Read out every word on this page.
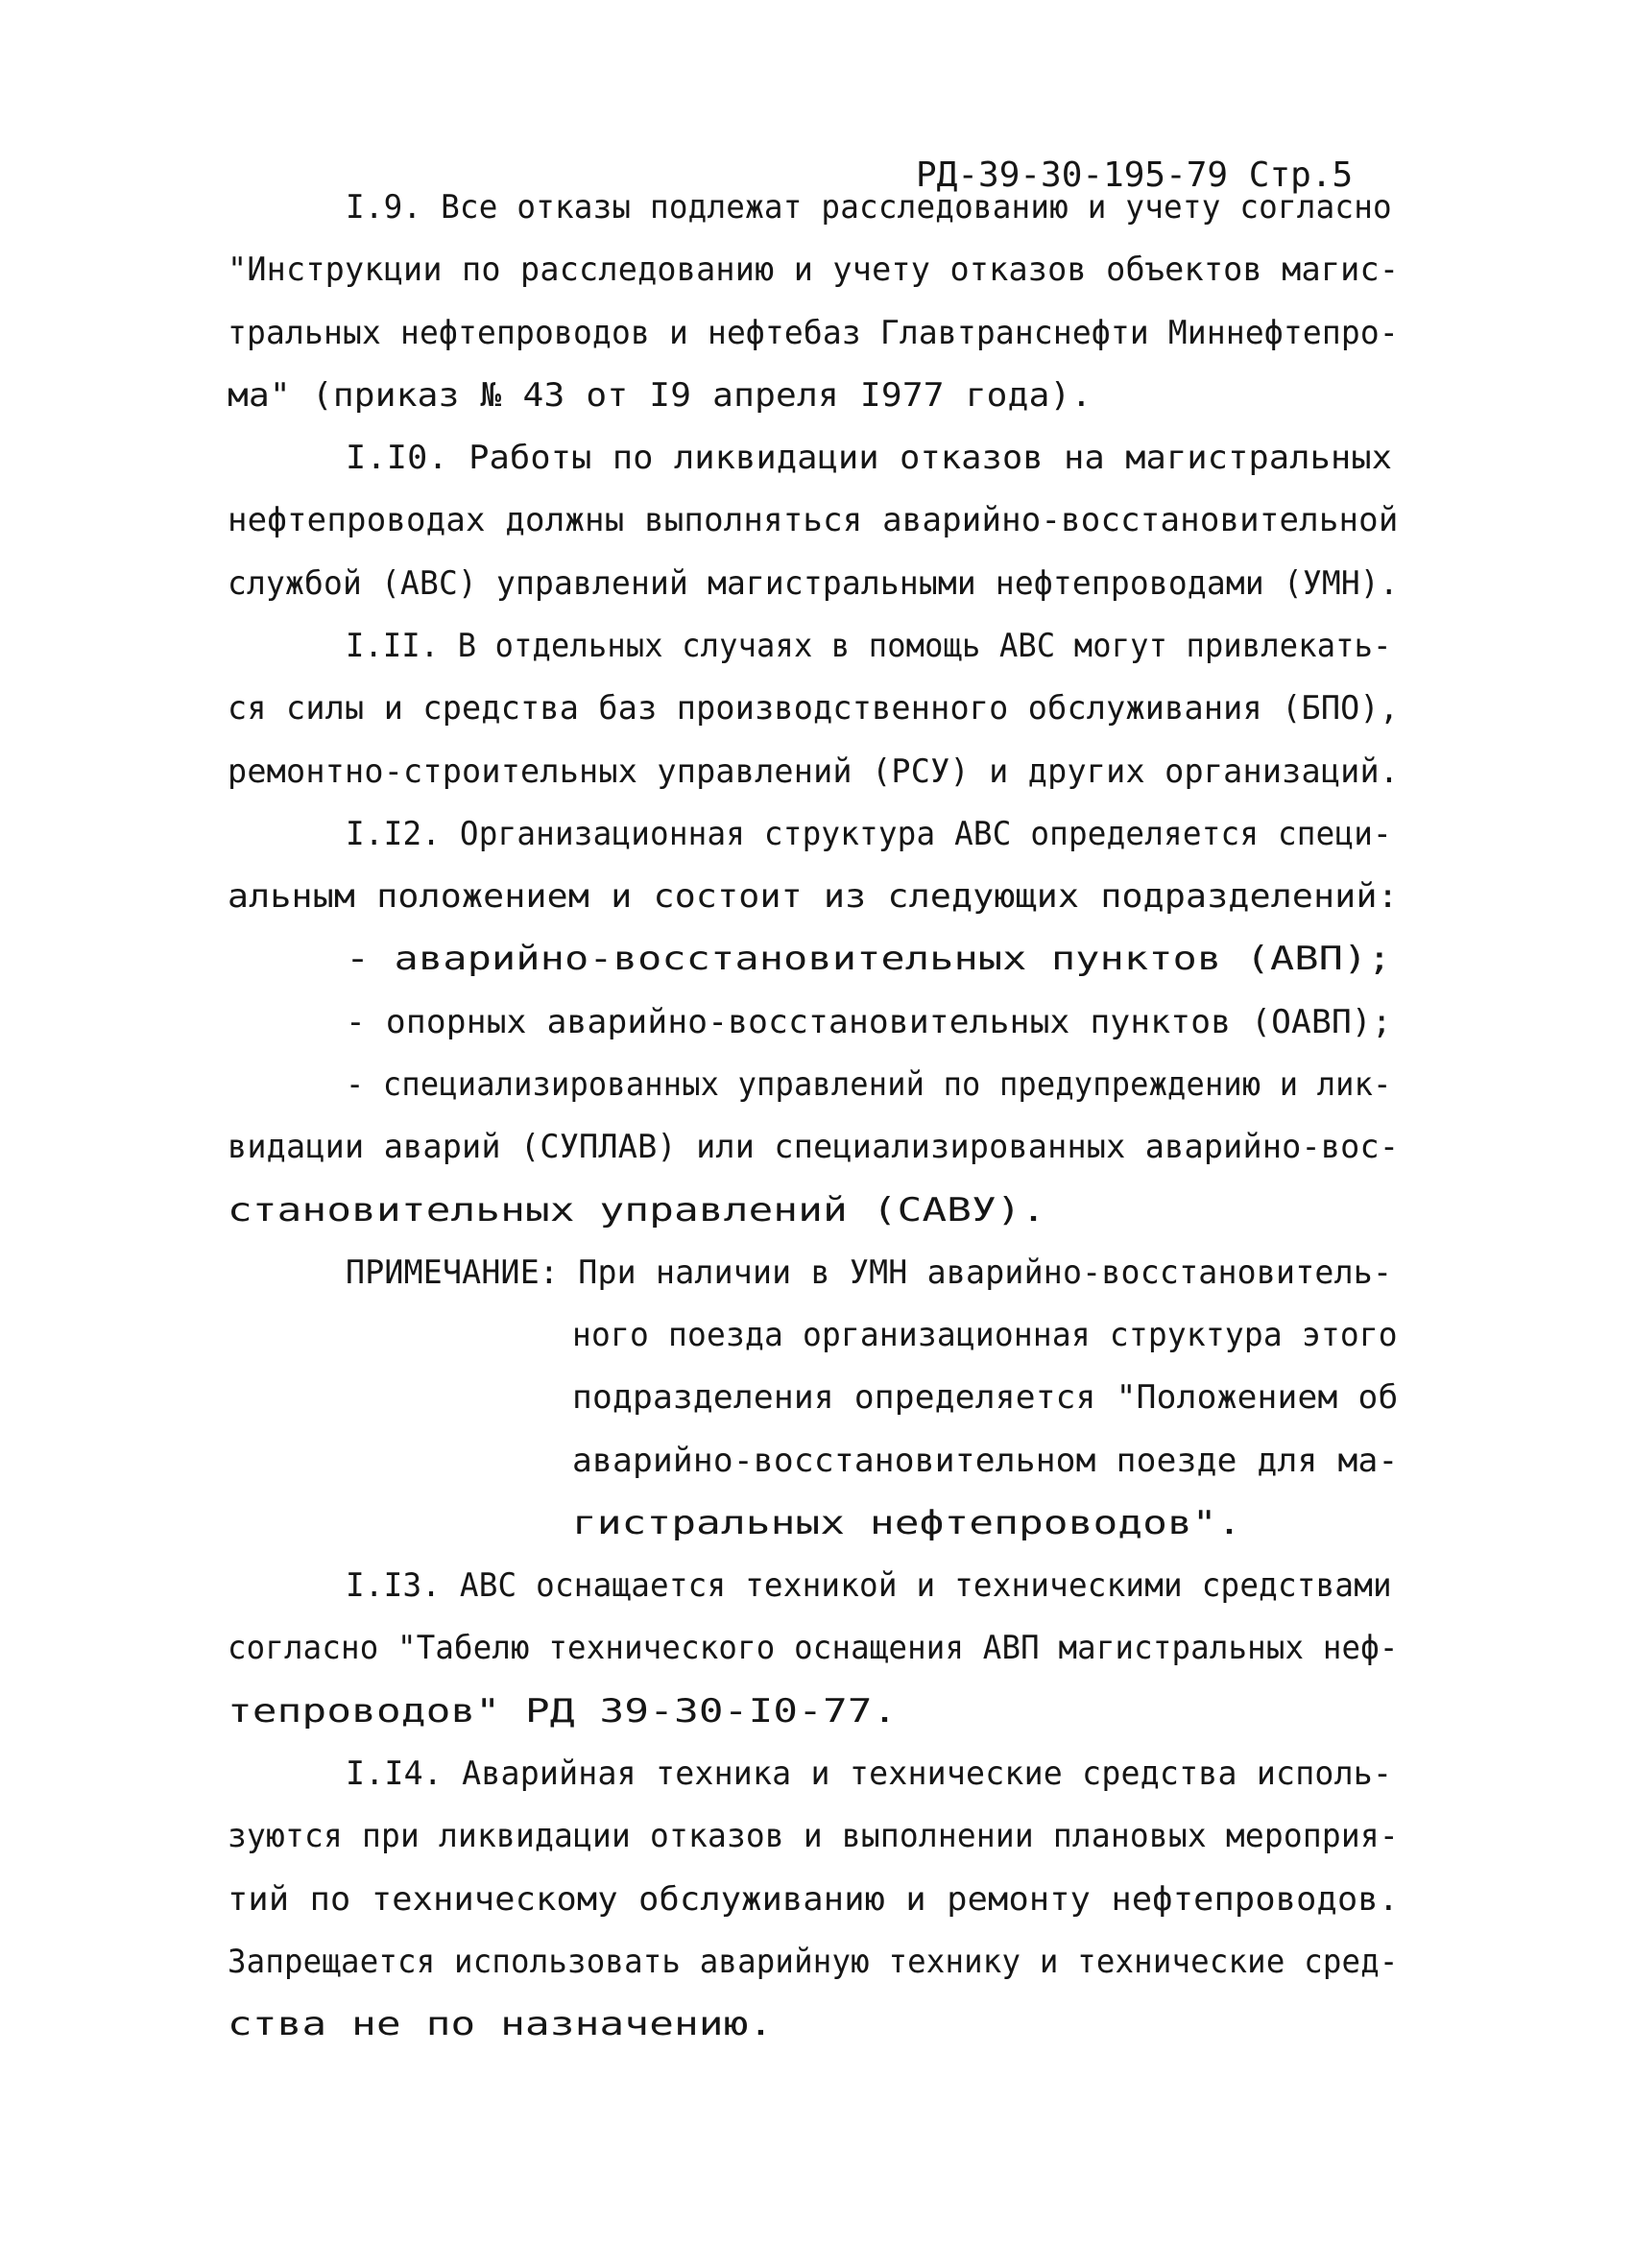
РД-39-30-195-79 Стр.5
I.9. Все отказы подлежат расследованию и учету согласно
"Инструкции по расследованию и учету отказов объектов магис-
тральных нефтепроводов и нефтебаз Главтранснефти Миннефтепро-
ма" (приказ № 43 от I9 апреля I977 года).
I.I0. Работы по ликвидации отказов на магистральных
нефтепроводах должны выполняться аварийно-восстановительной
службой (АВС) управлений магистральными нефтепроводами (УМН).
I.II. В отдельных случаях в помощь АВС могут привлекать-
ся силы и средства баз производственного обслуживания (БПО),
ремонтно-строительных управлений (РСУ) и других организаций.
I.I2. Организационная структура АВС определяется специ-
альным положением и состоит из следующих подразделений:
- аварийно-восстановительных пунктов (АВП);
- опорных аварийно-восстановительных пунктов (ОАВП);
- специализированных управлений по предупреждению и лик-
видации аварий (СУПЛАВ) или специализированных аварийно-вос-
становительных управлений (САВУ).
ПРИМЕЧАНИЕ: При наличии в УМН аварийно-восстановитель-
ного поезда организационная структура этого
подразделения определяется "Положением об
аварийно-восстановительном поезде для ма-
гистральных нефтепроводов".
I.I3. АВС оснащается техникой и техническими средствами
согласно "Табелю технического оснащения АВП магистральных неф-
тепроводов" РД 39-30-I0-77.
I.I4. Аварийная техника и технические средства исполь-
зуются при ликвидации отказов и выполнении плановых мероприя-
тий по техническому обслуживанию и ремонту нефтепроводов.
Запрещается использовать аварийную технику и технические сред-
ства не по назначению.
